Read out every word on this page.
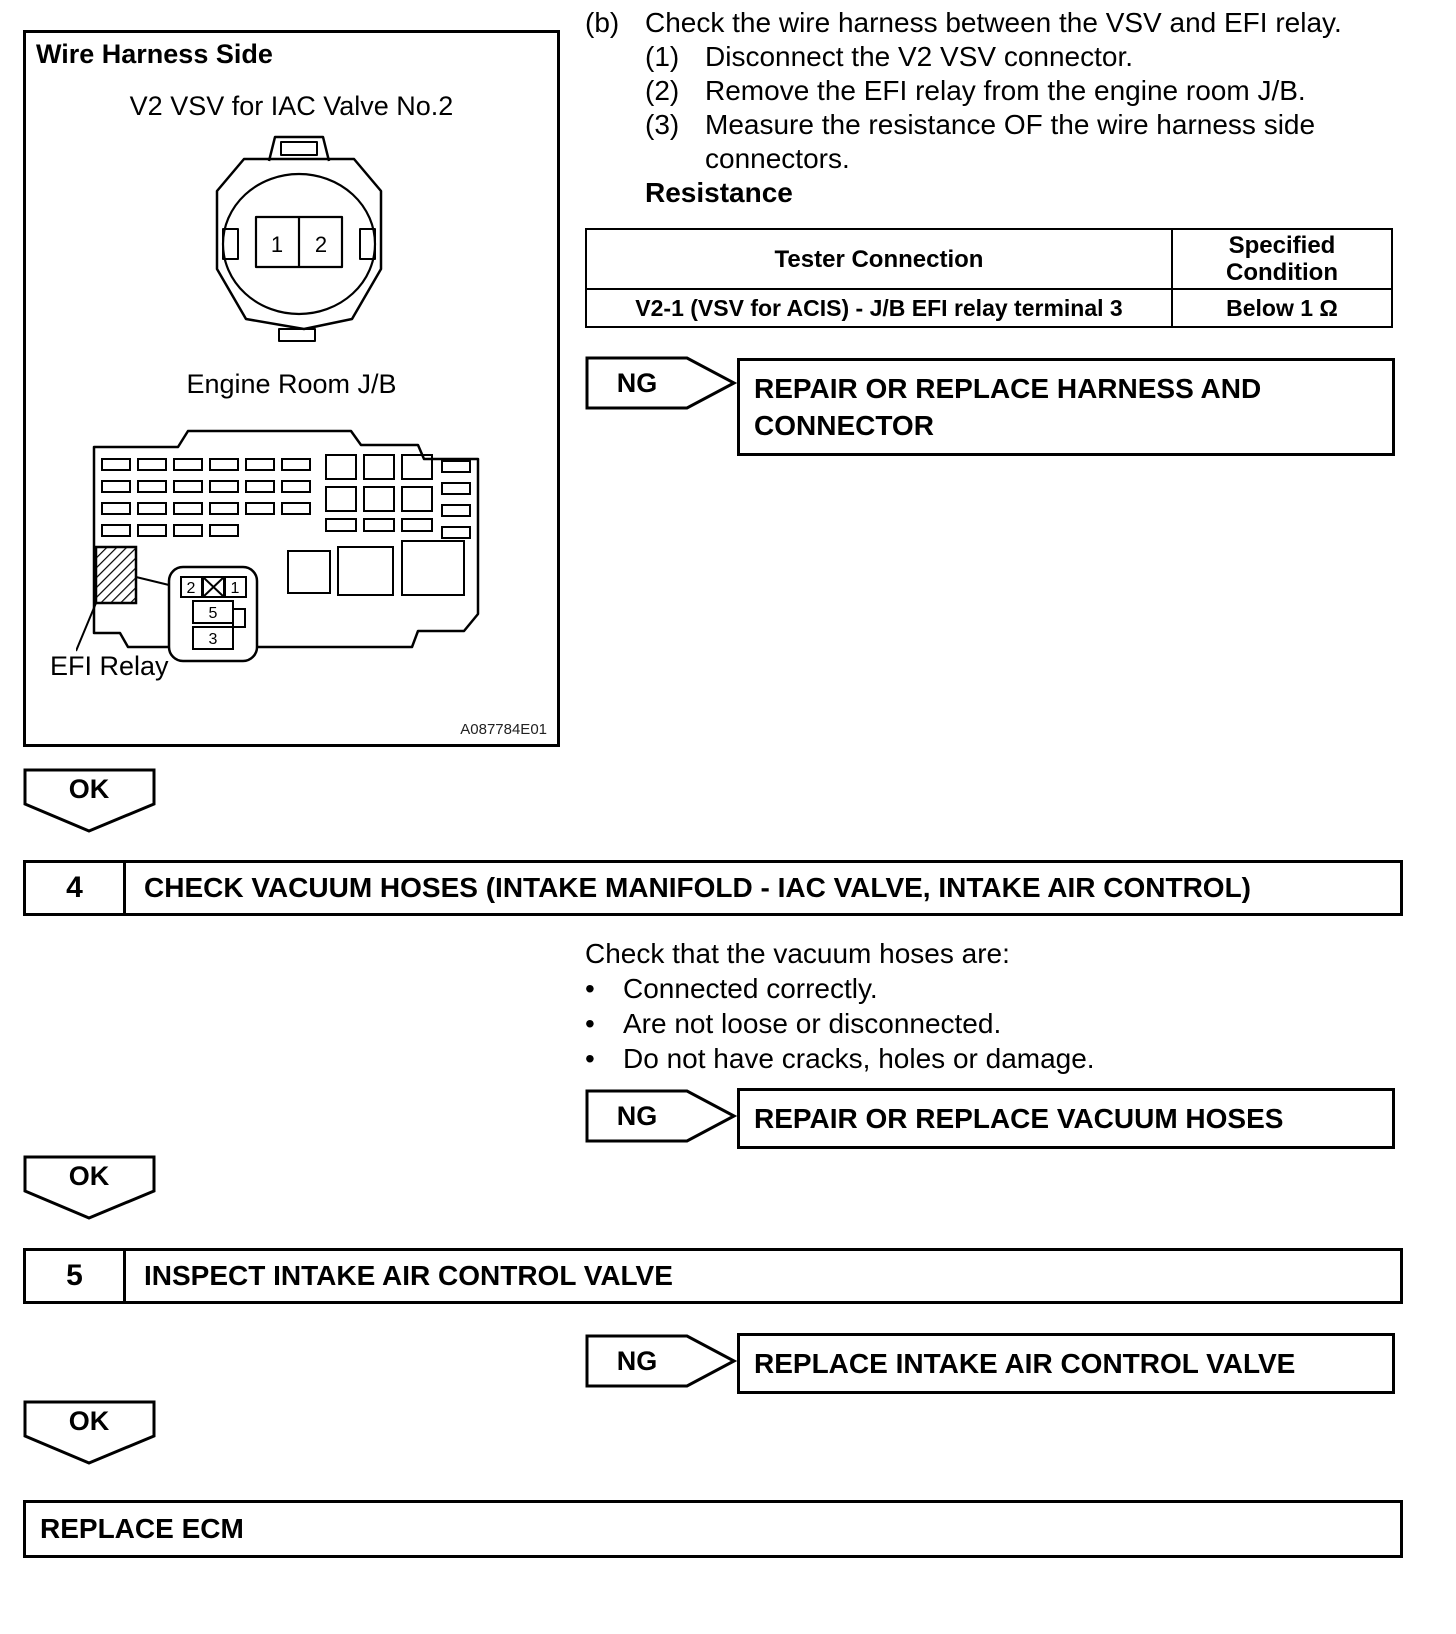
Wire Harness Side
V2 VSV for IAC Valve No.2
1 2
Engine Room J/B
2 1
5
3
EFI Relay
A087784E01
(b) Check the wire harness between the VSV and EFI relay.
(1) Disconnect the V2 VSV connector.
(2) Remove the EFI relay from the engine room J/B.
(3) Measure the resistance OF the wire harness side connectors.
Resistance
Tester Connection	Specified Condition
V2-1 (VSV for ACIS) - J/B EFI relay terminal 3	Below 1 Ω
NG	REPAIR OR REPLACE HARNESS AND CONNECTOR
OK
4	CHECK VACUUM HOSES (INTAKE MANIFOLD - IAC VALVE, INTAKE AIR CONTROL)
Check that the vacuum hoses are:
•	Connected correctly.
•	Are not loose or disconnected.
•	Do not have cracks, holes or damage.
NG	REPAIR OR REPLACE VACUUM HOSES
OK
5	INSPECT INTAKE AIR CONTROL VALVE
NG	REPLACE INTAKE AIR CONTROL VALVE
OK
REPLACE ECM
